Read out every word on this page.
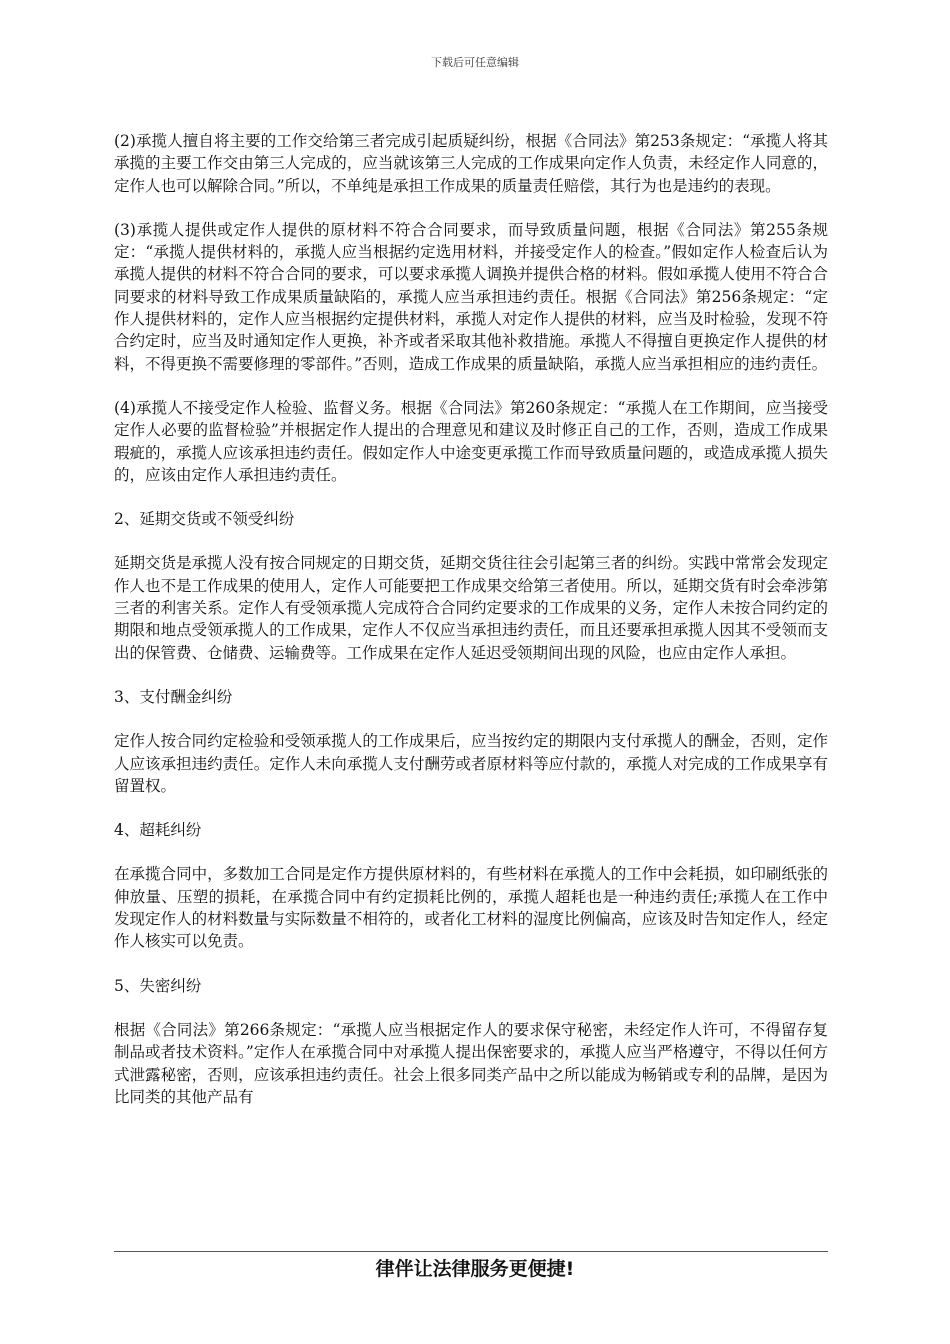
下载后可任意编辑

(2)承揽人擅自将主要的工作交给第三者完成引起质疑纠纷，根据《合同法》第253条规定：“承揽人将其承揽的主要工作交由第三人完成的，应当就该第三人完成的工作成果向定作人负责，未经定作人同意的，定作人也可以解除合同。”所以，不单纯是承担工作成果的质量责任赔偿，其行为也是违约的表现。

(3)承揽人提供或定作人提供的原材料不符合合同要求，而导致质量问题，根据《合同法》第255条规定：“承揽人提供材料的，承揽人应当根据约定选用材料，并接受定作人的检查。”假如定作人检查后认为承揽人提供的材料不符合合同的要求，可以要求承揽人调换并提供合格的材料。假如承揽人使用不符合合同要求的材料导致工作成果质量缺陷的，承揽人应当承担违约责任。根据《合同法》第256条规定：“定作人提供材料的，定作人应当根据约定提供材料，承揽人对定作人提供的材料，应当及时检验，发现不符合约定时，应当及时通知定作人更换，补齐或者采取其他补救措施。承揽人不得擅自更换定作人提供的材料，不得更换不需要修理的零部件。”否则，造成工作成果的质量缺陷，承揽人应当承担相应的违约责任。

(4)承揽人不接受定作人检验、监督义务。根据《合同法》第260条规定：“承揽人在工作期间，应当接受定作人必要的监督检验”并根据定作人提出的合理意见和建议及时修正自己的工作，否则，造成工作成果瑕疵的，承揽人应该承担违约责任。假如定作人中途变更承揽工作而导致质量问题的，或造成承揽人损失的，应该由定作人承担违约责任。

2、延期交货或不领受纠纷

延期交货是承揽人没有按合同规定的日期交货，延期交货往往会引起第三者的纠纷。实践中常常会发现定作人也不是工作成果的使用人，定作人可能要把工作成果交给第三者使用。所以，延期交货有时会牵涉第三者的利害关系。定作人有受领承揽人完成符合合同约定要求的工作成果的义务，定作人未按合同约定的期限和地点受领承揽人的工作成果，定作人不仅应当承担违约责任，而且还要承担承揽人因其不受领而支出的保管费、仓储费、运输费等。工作成果在定作人延迟受领期间出现的风险，也应由定作人承担。

3、支付酬金纠纷

定作人按合同约定检验和受领承揽人的工作成果后，应当按约定的期限内支付承揽人的酬金，否则，定作人应该承担违约责任。定作人未向承揽人支付酬劳或者原材料等应付款的，承揽人对完成的工作成果享有留置权。

4、超耗纠纷

在承揽合同中，多数加工合同是定作方提供原材料的，有些材料在承揽人的工作中会耗损，如印刷纸张的伸放量、压塑的损耗，在承揽合同中有约定损耗比例的，承揽人超耗也是一种违约责任;承揽人在工作中发现定作人的材料数量与实际数量不相符的，或者化工材料的湿度比例偏高，应该及时告知定作人，经定作人核实可以免责。

5、失密纠纷

根据《合同法》第266条规定：“承揽人应当根据定作人的要求保守秘密，未经定作人许可，不得留存复制品或者技术资料。”定作人在承揽合同中对承揽人提出保密要求的，承揽人应当严格遵守，不得以任何方式泄露秘密，否则，应该承担违约责任。社会上很多同类产品中之所以能成为畅销或专利的品牌，是因为比同类的其他产品有

律伴让法律服务更便捷!
